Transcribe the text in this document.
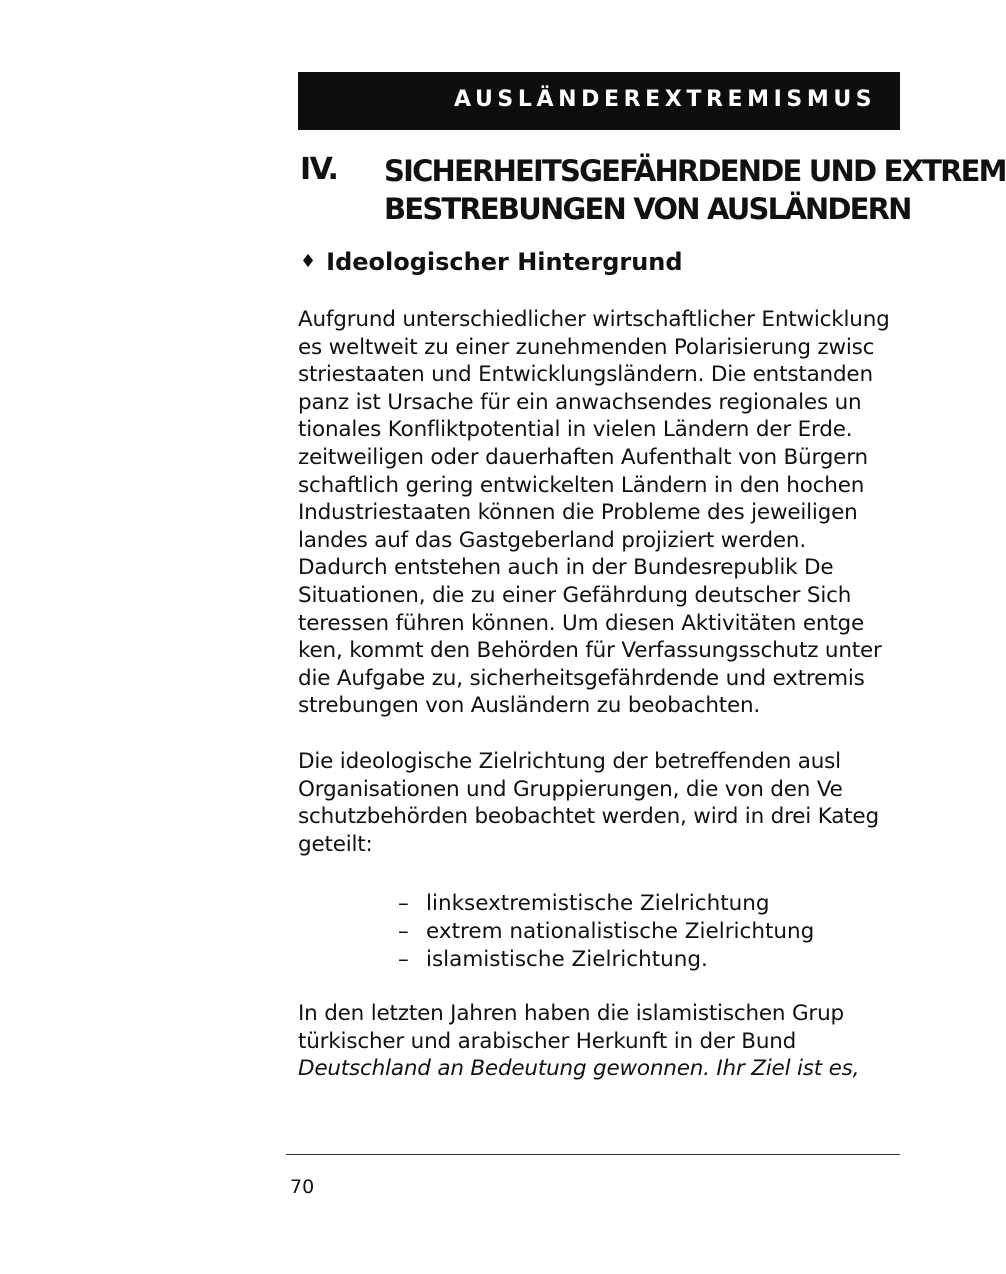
AUSLÄNDEREXTREMISMUS
IV. SICHERHEITSGEFÄHRDENDE UND EXTREM
BESTREBUNGEN VON AUSLÄNDERN
♦ Ideologischer Hintergrund
Aufgrund unterschiedlicher wirtschaftlicher Entwicklung
es weltweit zu einer zunehmenden Polarisierung zwisc
striestaaten und Entwicklungsländern. Die entstanden
panz ist Ursache für ein anwachsendes regionales un
tionales Konfliktpotential in vielen Ländern der Erde.
zeitweiligen oder dauerhaften Aufenthalt von Bürgern
schaftlich gering entwickelten Ländern in den hochen
Industriestaaten können die Probleme des jeweiligen
landes auf das Gastgeberland projiziert werden.
Dadurch entstehen auch in der Bundesrepublik De
Situationen, die zu einer Gefährdung deutscher Sich
teressen führen können. Um diesen Aktivitäten entge
ken, kommt den Behörden für Verfassungsschutz unter
die Aufgabe zu, sicherheitsgefährdende und extremis
strebungen von Ausländern zu beobachten.
Die ideologische Zielrichtung der betreffenden ausl
Organisationen und Gruppierungen, die von den Ve
schutzbehörden beobachtet werden, wird in drei Kateg
geteilt:
– linksextremistische Zielrichtung
– extrem nationalistische Zielrichtung
– islamistische Zielrichtung.
In den letzten Jahren haben die islamistischen Grup
türkischer und arabischer Herkunft in der Bund
Deutschland an Bedeutung gewonnen. Ihr Ziel ist es,
70
